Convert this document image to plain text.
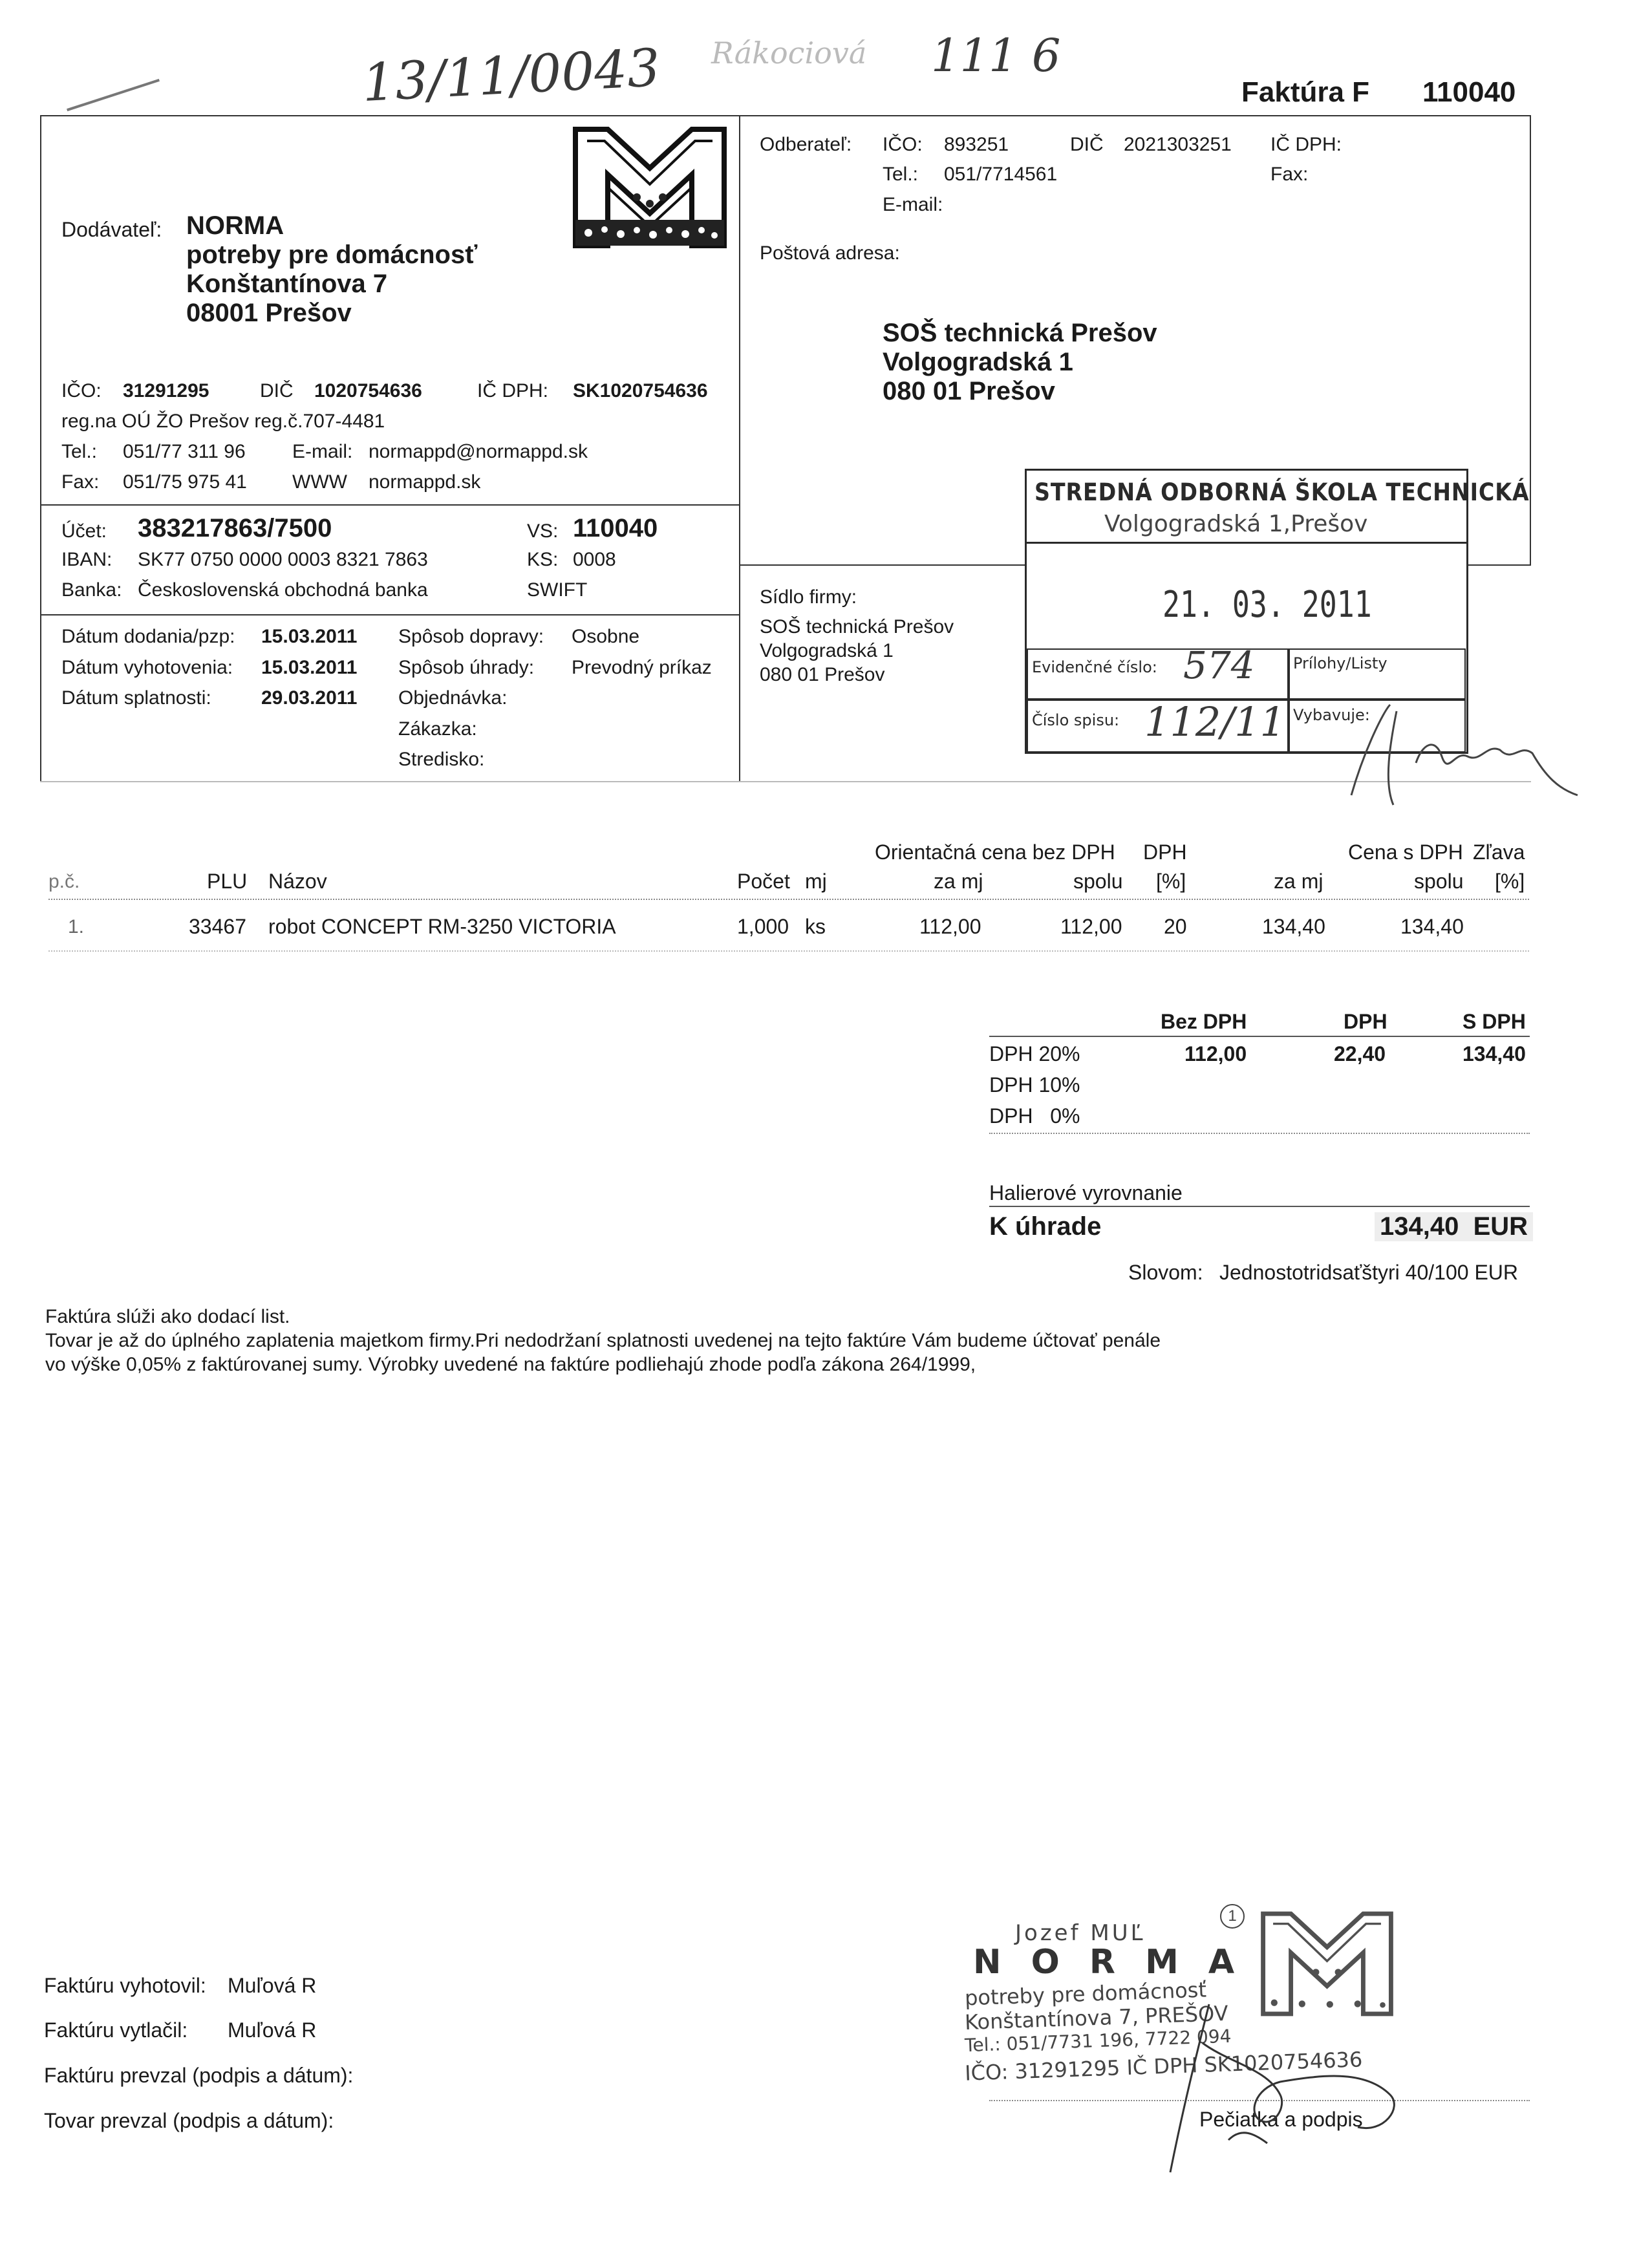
13/11/0043 Rákociová 111 6
Faktúra F 110040
Dodávateľ: NORMA
potreby pre domácnosť
Konštantínova 7
08001 Prešov
IČO: 31291295	DIČ 1020754636	IČ DPH: SK1020754636
reg.na OÚ ŽO Prešov reg.č.707-4481
Tel.: 051/77 311 96 E-mail: normappd@normappd.sk
Fax: 051/75 975 41 WWW normappd.sk
Účet: 383217863/7500	VS: 110040
IBAN: SK77 0750 0000 0003 8321 7863	KS: 0008
Banka: Československá obchodná banka	SWIFT
Dátum dodania/pzp: 15.03.2011
Dátum vyhotovenia: 15.03.2011
Dátum splatnosti:	29.03.2011
Spôsob dopravy: Osobne
Spôsob úhrady: Prevodný príkaz
Objednávka:
Zákazka:
Stredisko:
Odberateľ: IČO: 893251	DIČ 2021303251 IČ DPH:
Tel.: 051/7714561	Fax:
E-mail:
Poštová adresa:
SOŠ technická Prešov
Volgogradská 1
080 01 Prešov
Sídlo firmy:
SOŠ technická Prešov
Volgogradská 1
080 01 Prešov
STREDNÁ ODBORNÁ ŠKOLA TECHNICKÁ
Volgogradská 1,Prešov
21. 03. 2011
Evidenčné číslo: 574 Prílohy/Listy
Číslo spisu: 112/11 Vybavuje:
Orientačná cena bez DPH DPH	Cena s DPH Zľava
p.č.	PLU Názov	Počet mj	za mj	spolu [%]	za mj	spolu [%]
1.	33467 robot CONCEPT RM-3250 VICTORIA	1,000 ks	112,00	112,00 20	134,40	134,40
Bez DPH	DPH	S DPH
DPH 20%	112,00	22,40	134,40
DPH 10%
DPH   0%
Halierové vyrovnanie
K úhrade	134,40  EUR
Slovom: Jednostotridsaťštyri 40/100 EUR
Faktúra slúži ako dodací list.
Tovar je až do úplného zaplatenia majetkom firmy.Pri nedodržaní splatnosti uvedenej na tejto faktúre Vám budeme účtovať penále
vo výške 0,05% z faktúrovanej sumy. Výrobky uvedené na faktúre podliehajú zhode podľa zákona 264/1999,
Faktúru vyhotovil: Muľová R
Faktúru vytlačil: Muľová R
Faktúru prevzal (podpis a dátum):
Tovar prevzal (podpis a dátum):	Pečiatka a podpis
Jozef MUĽ
N O R M A
1
potreby pre domácnosť
Konštantínova 7, PREŠOV
Tel.: 051/7731 196, 7722 094
IČO: 31291295 IČ DPH SK1020754636
